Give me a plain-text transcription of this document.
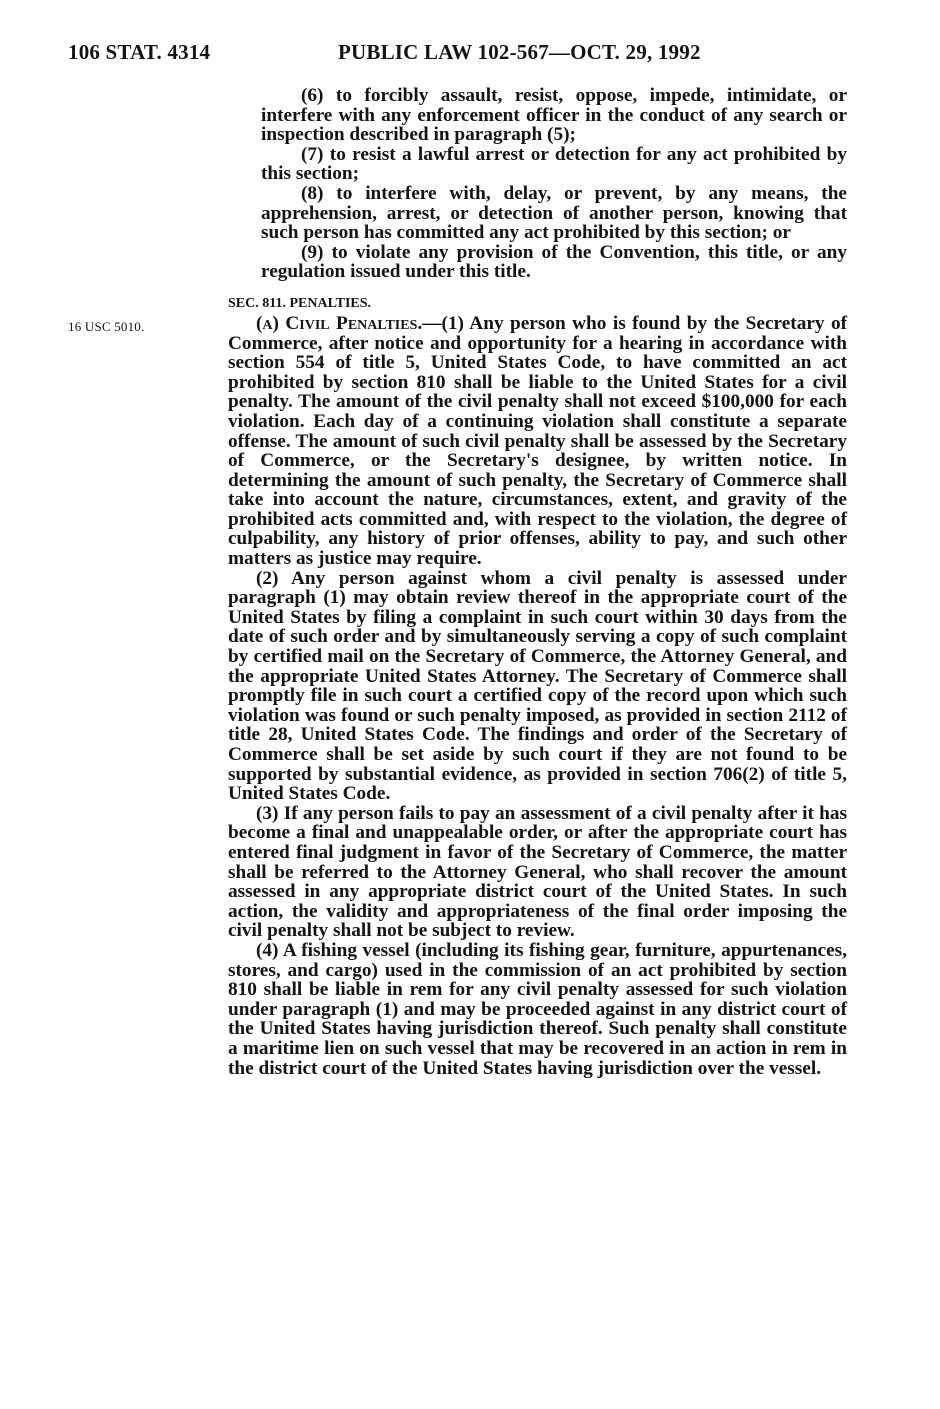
106 STAT. 4314	PUBLIC LAW 102-567—OCT. 29, 1992
16 USC 5010.

(6) to forcibly assault, resist, oppose, impede, intimidate, or interfere with any enforcement officer in the conduct of any search or inspection described in paragraph (5);

(7) to resist a lawful arrest or detection for any act prohibited by this section;

(8) to interfere with, delay, or prevent, by any means, the apprehension, arrest, or detection of another person, knowing that such person has committed any act prohibited by this section; or

(9) to violate any provision of the Convention, this title, or any regulation issued under this title.

SEC. 811. PENALTIES.

(a) Civil Penalties.—(1) Any person who is found by the Secretary of Commerce, after notice and opportunity for a hearing in accordance with section 554 of title 5, United States Code, to have committed an act prohibited by section 810 shall be liable to the United States for a civil penalty. The amount of the civil penalty shall not exceed $100,000 for each violation. Each day of a continuing violation shall constitute a separate offense. The amount of such civil penalty shall be assessed by the Secretary of Commerce, or the Secretary's designee, by written notice. In determining the amount of such penalty, the Secretary of Commerce shall take into account the nature, circumstances, extent, and gravity of the prohibited acts committed and, with respect to the violation, the degree of culpability, any history of prior offenses, ability to pay, and such other matters as justice may require.

(2) Any person against whom a civil penalty is assessed under paragraph (1) may obtain review thereof in the appropriate court of the United States by filing a complaint in such court within 30 days from the date of such order and by simultaneously serving a copy of such complaint by certified mail on the Secretary of Commerce, the Attorney General, and the appropriate United States Attorney. The Secretary of Commerce shall promptly file in such court a certified copy of the record upon which such violation was found or such penalty imposed, as provided in section 2112 of title 28, United States Code. The findings and order of the Secretary of Commerce shall be set aside by such court if they are not found to be supported by substantial evidence, as provided in section 706(2) of title 5, United States Code.

(3) If any person fails to pay an assessment of a civil penalty after it has become a final and unappealable order, or after the appropriate court has entered final judgment in favor of the Secretary of Commerce, the matter shall be referred to the Attorney General, who shall recover the amount assessed in any appropriate district court of the United States. In such action, the validity and appropriateness of the final order imposing the civil penalty shall not be subject to review.

(4) A fishing vessel (including its fishing gear, furniture, appurtenances, stores, and cargo) used in the commission of an act prohibited by section 810 shall be liable in rem for any civil penalty assessed for such violation under paragraph (1) and may be proceeded against in any district court of the United States having jurisdiction thereof. Such penalty shall constitute a maritime lien on such vessel that may be recovered in an action in rem in the district court of the United States having jurisdiction over the vessel.
